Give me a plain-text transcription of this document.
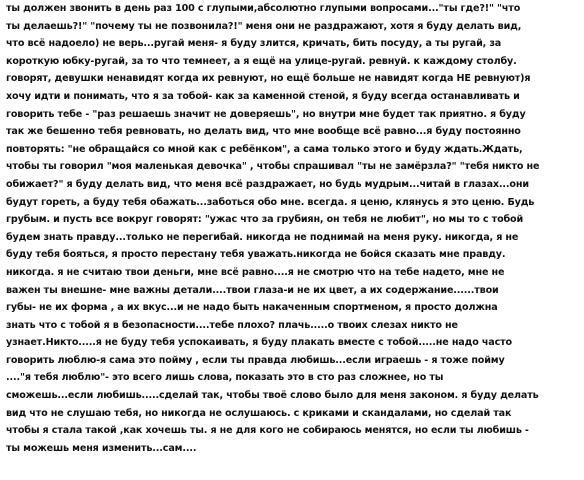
ты должен звонить в день раз 100 с глупыми,абсолютно глупыми вопросами..."ты где?!" "что
ты делаешь?!" "почему ты не позвонила?!" меня они не раздражают, хотя я буду делать вид,
что всё надоело) не верь...ругай меня- я буду злится, кричать, бить посуду, а ты ругай, за
короткую юбку-ругай, за то что темнеет, а я ещё на улице-ругай. ревнуй. к каждому столбу.
говорят, девушки ненавидят когда их ревнуют, но ещё больше не навидят когда НЕ ревнуют)я
хочу идти и понимать, что я за тобой- как за каменной стеной, я буду всегда останавливать и
говорить тебе - "раз решаешь значит не доверяешь", но внутри мне будет так приятно. я буду
так же бешенно тебя ревновать, но делать вид, что мне вообще всё равно...я буду постоянно
повторять: "не обращайся со мной как с ребёнком", а сама только этого и буду ждать.Ждать,
чтобы ты говорил "моя маленькая девочка" , чтобы спрашивал "ты не замёрзла?" "тебя никто не
обижает?" я буду делать вид, что меня всё раздражает, но будь мудрым...читай в глазах...они
будут гореть, а буду тебя обажать...заботься обо мне. всегда. я ценю, клянусь я это ценю. Будь
грубым. и пусть все вокруг говорят: "ужас что за грубиян, он тебя не любит", но мы то с тобой
будем знать правду...только не перегибай. никогда не поднимай на меня руку. никогда, я не
буду тебя бояться, я просто перестану тебя уважать.никогда не бойся сказать мне правду.
никогда. я не считаю твои деньги, мне всё равно....я не смотрю что на тебе надето, мне не
важен ты внешне- мне важны детали....твои глаза-и не их цвет, а их содержание......твои
губы- не их форма , а их вкус...и не надо быть накаченным спортменом, я просто должна
знать что с тобой я в безопасности....тебе плохо? плачь.....о твоих слезах никто не
узнает.Никто.....я не буду тебя успокаивать, я буду плакать вместе с тобой.....не надо часто
говорить люблю-я сама это пойму , если ты правда любишь...если играешь - я тоже пойму
...."я тебя люблю"- это всего лишь слова, показать это в сто раз сложнее, но ты
сможешь...если любишь.....сделай так, чтобы твоё слово было для меня законом. я буду делать
вид что не слушаю тебя, но никогда не ослушаюсь. с криками и скандалами, но сделай так
чтобы я стала такой ,как хочешь ты. я не для кого не собираюсь менятся, но если ты любишь -
ты можешь меня изменить...сам....
